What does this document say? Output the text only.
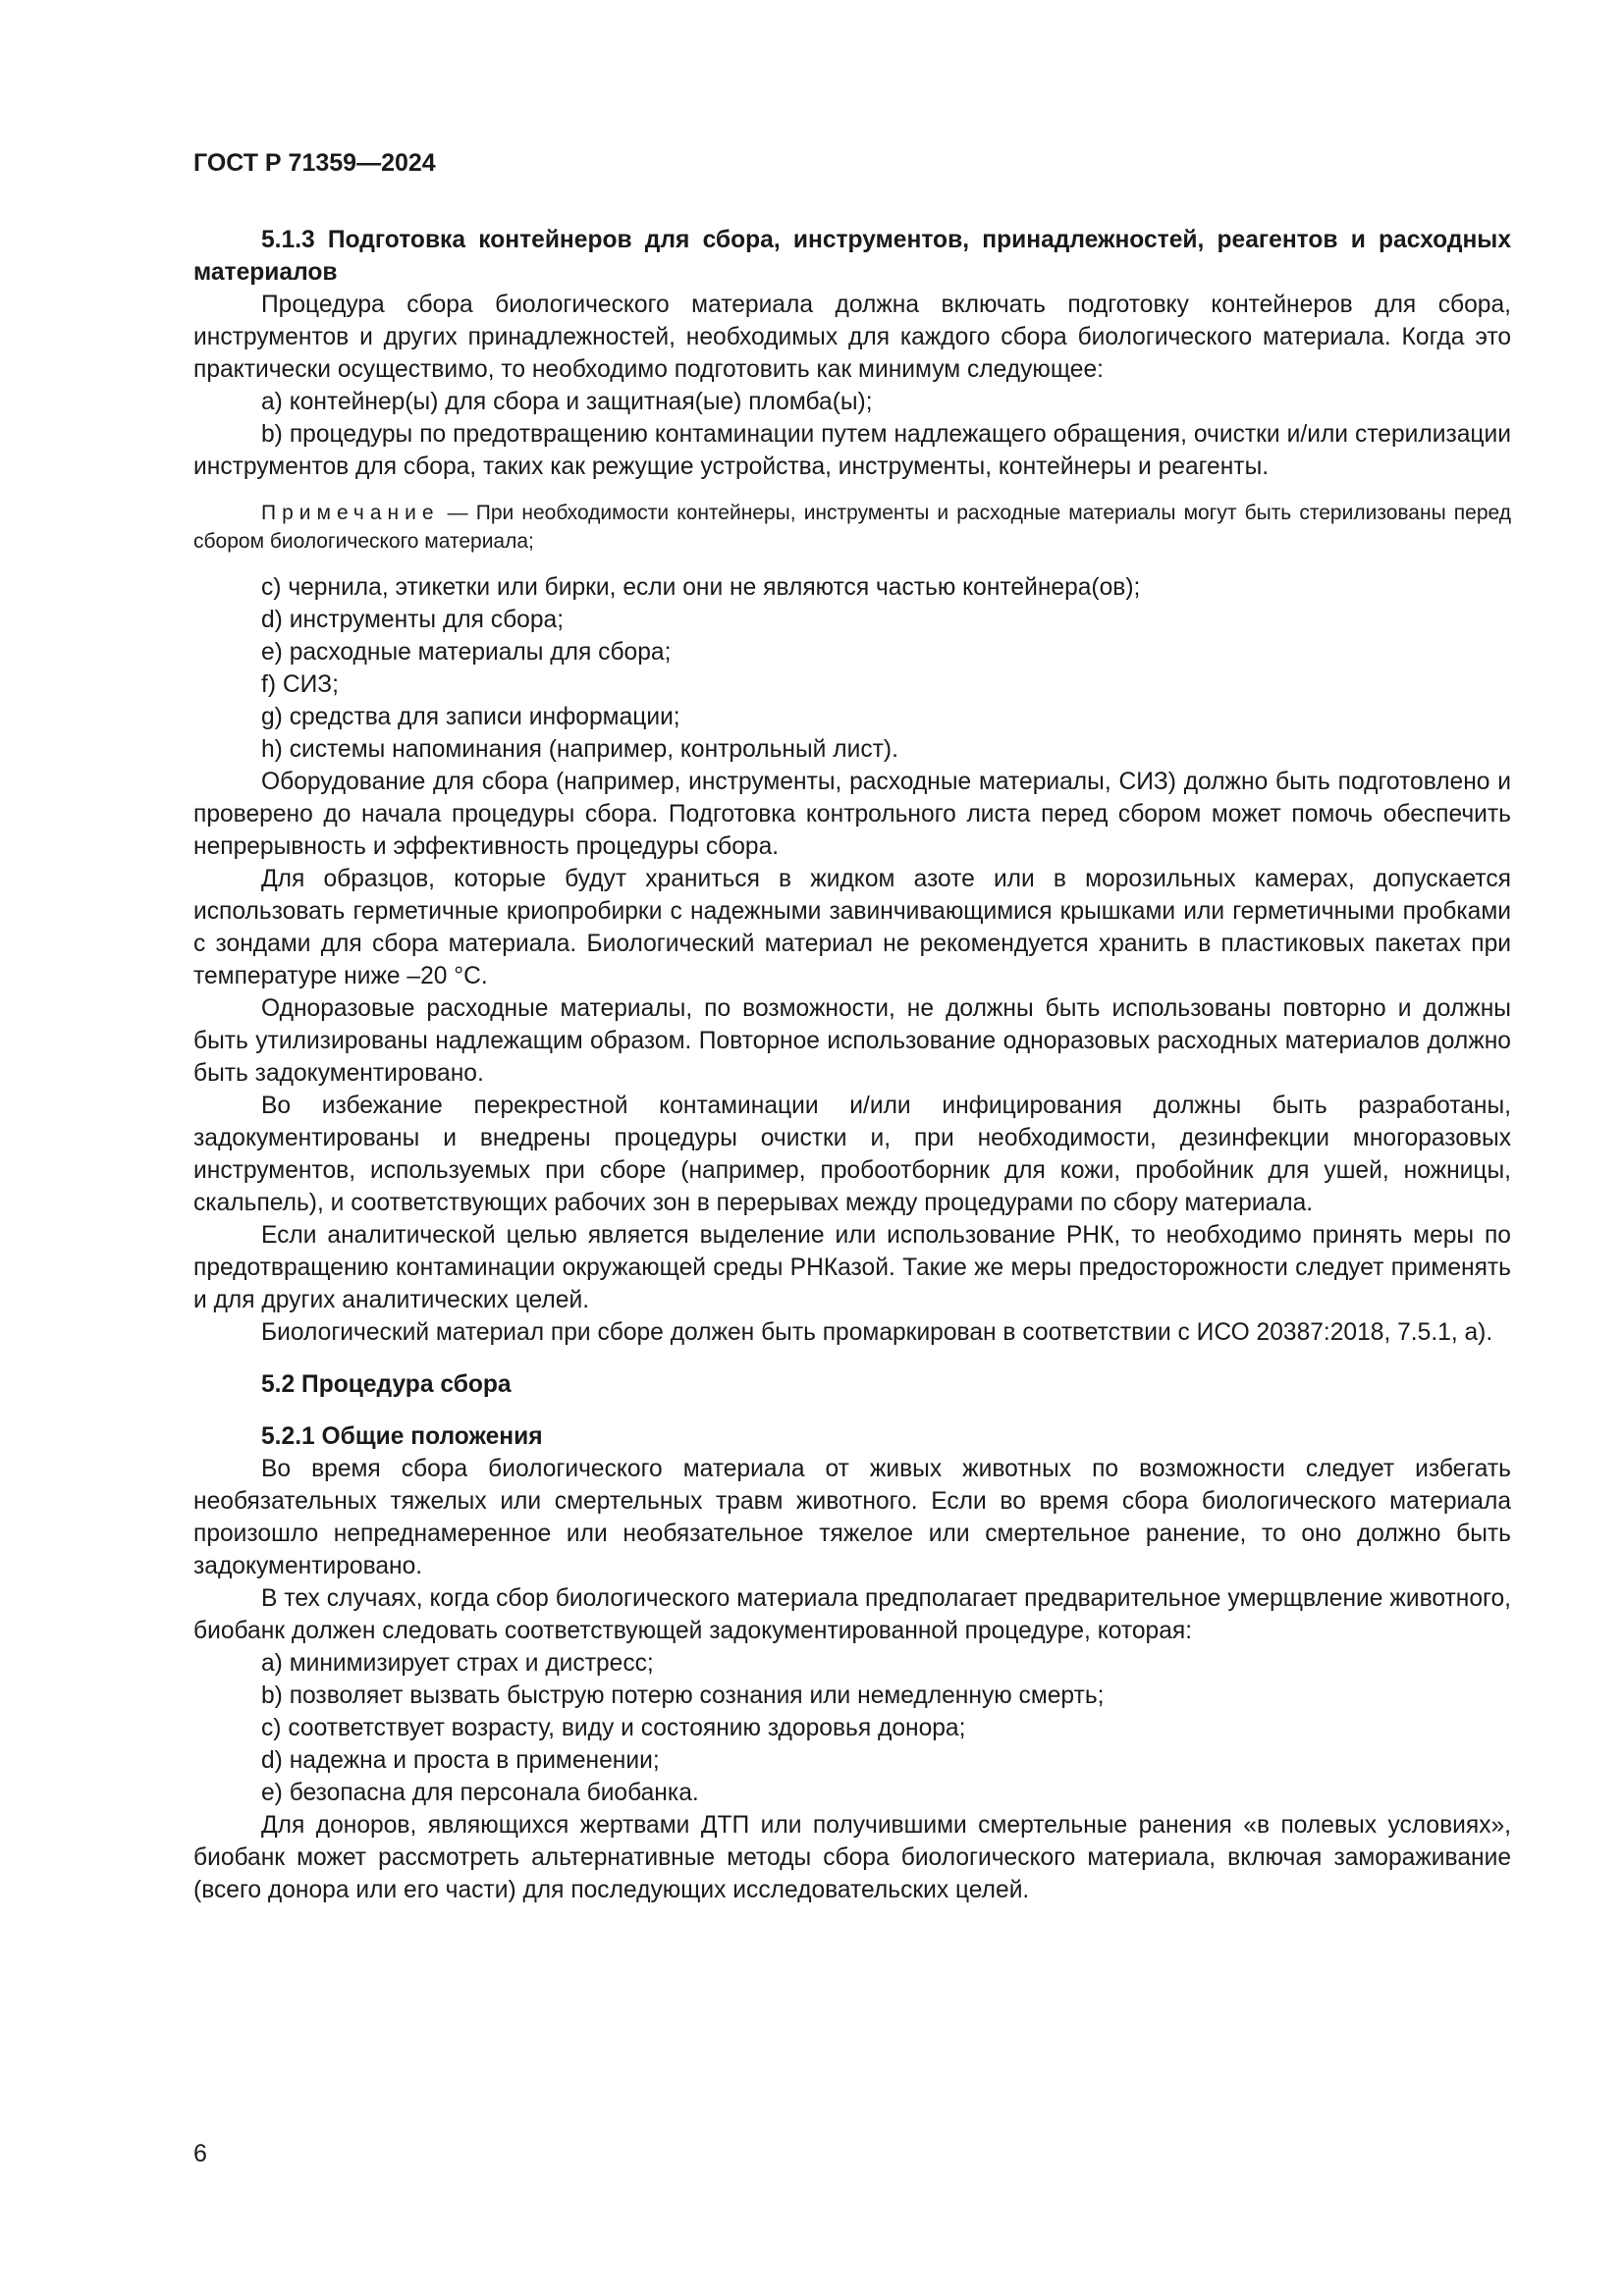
ГОСТ Р 71359—2024

5.1.3 Подготовка контейнеров для сбора, инструментов, принадлежностей, реагентов и расходных материалов

Процедура сбора биологического материала должна включать подготовку контейнеров для сбора, инструментов и других принадлежностей, необходимых для каждого сбора биологического материала. Когда это практически осуществимо, то необходимо подготовить как минимум следующее:

a) контейнер(ы) для сбора и защитная(ые) пломба(ы);

b) процедуры по предотвращению контаминации путем надлежащего обращения, очистки и/или стерилизации инструментов для сбора, таких как режущие устройства, инструменты, контейнеры и реагенты.

Примечание — При необходимости контейнеры, инструменты и расходные материалы могут быть стерилизованы перед сбором биологического материала;

c) чернила, этикетки или бирки, если они не являются частью контейнера(ов);

d) инструменты для сбора;

e) расходные материалы для сбора;

f) СИЗ;

g) средства для записи информации;

h) системы напоминания (например, контрольный лист).

Оборудование для сбора (например, инструменты, расходные материалы, СИЗ) должно быть подготовлено и проверено до начала процедуры сбора. Подготовка контрольного листа перед сбором может помочь обеспечить непрерывность и эффективность процедуры сбора.

Для образцов, которые будут храниться в жидком азоте или в морозильных камерах, допускается использовать герметичные криопробирки с надежными завинчивающимися крышками или герметичными пробками с зондами для сбора материала. Биологический материал не рекомендуется хранить в пластиковых пакетах при температуре ниже –20 °С.

Одноразовые расходные материалы, по возможности, не должны быть использованы повторно и должны быть утилизированы надлежащим образом. Повторное использование одноразовых расходных материалов должно быть задокументировано.

Во избежание перекрестной контаминации и/или инфицирования должны быть разработаны, задокументированы и внедрены процедуры очистки и, при необходимости, дезинфекции многоразовых инструментов, используемых при сборе (например, пробоотборник для кожи, пробойник для ушей, ножницы, скальпель), и соответствующих рабочих зон в перерывах между процедурами по сбору материала.

Если аналитической целью является выделение или использование РНК, то необходимо принять меры по предотвращению контаминации окружающей среды РНКазой. Такие же меры предосторожности следует применять и для других аналитических целей.

Биологический материал при сборе должен быть промаркирован в соответствии с ИСО 20387:2018, 7.5.1, а).

5.2 Процедура сбора

5.2.1 Общие положения

Во время сбора биологического материала от живых животных по возможности следует избегать необязательных тяжелых или смертельных травм животного. Если во время сбора биологического материала произошло непреднамеренное или необязательное тяжелое или смертельное ранение, то оно должно быть задокументировано.

В тех случаях, когда сбор биологического материала предполагает предварительное умерщвление животного, биобанк должен следовать соответствующей задокументированной процедуре, которая:

a) минимизирует страх и дистресс;

b) позволяет вызвать быструю потерю сознания или немедленную смерть;

c) соответствует возрасту, виду и состоянию здоровья донора;

d) надежна и проста в применении;

e) безопасна для персонала биобанка.

Для доноров, являющихся жертвами ДТП или получившими смертельные ранения «в полевых условиях», биобанк может рассмотреть альтернативные методы сбора биологического материала, включая замораживание (всего донора или его части) для последующих исследовательских целей.

6
